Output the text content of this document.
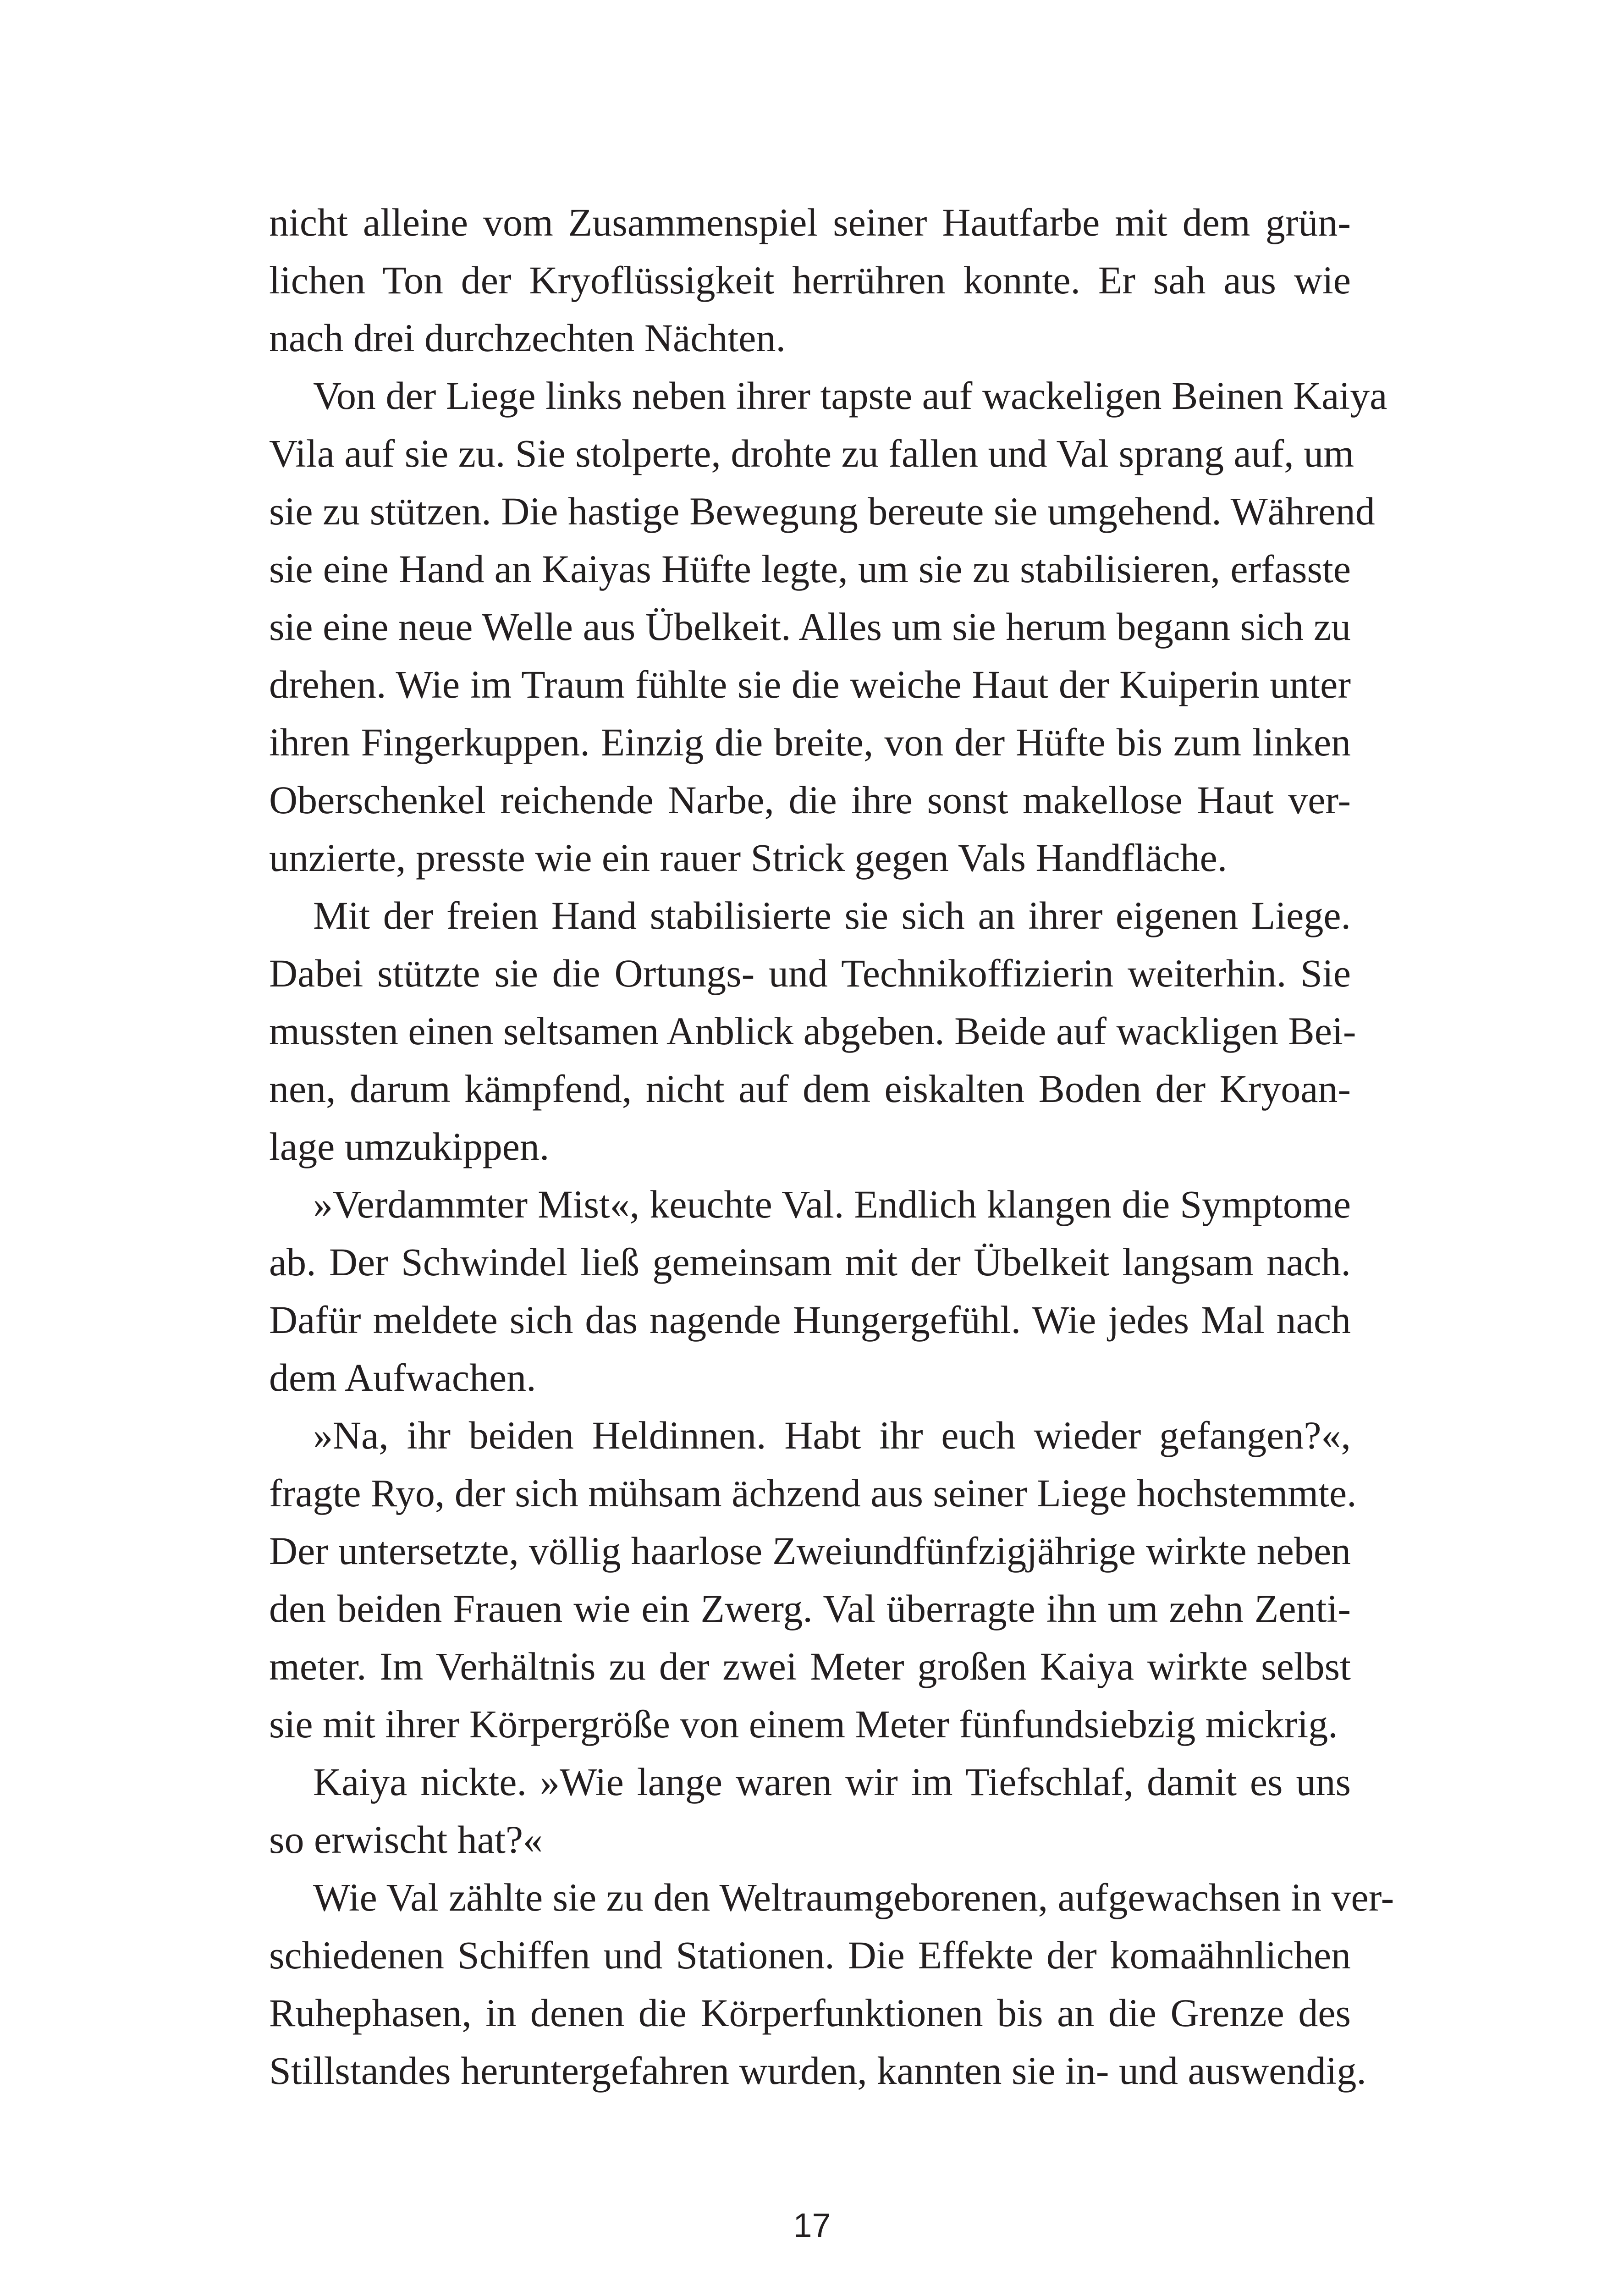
nicht alleine vom Zusammenspiel seiner Hautfarbe mit dem grün-
lichen Ton der Kryoflüssigkeit herrühren konnte. Er sah aus wie
nach drei durchzechten Nächten.
Von der Liege links neben ihrer tapste auf wackeligen Beinen Kaiya
Vila auf sie zu. Sie stolperte, drohte zu fallen und Val sprang auf, um
sie zu stützen. Die hastige Bewegung bereute sie umgehend. Während
sie eine Hand an Kaiyas Hüfte legte, um sie zu stabilisieren, erfasste
sie eine neue Welle aus Übelkeit. Alles um sie herum begann sich zu
drehen. Wie im Traum fühlte sie die weiche Haut der Kuiperin unter
ihren Fingerkuppen. Einzig die breite, von der Hüfte bis zum linken
Oberschenkel reichende Narbe, die ihre sonst makellose Haut ver-
unzierte, presste wie ein rauer Strick gegen Vals Handfläche.
Mit der freien Hand stabilisierte sie sich an ihrer eigenen Liege.
Dabei stützte sie die Ortungs- und Technikoffizierin weiterhin. Sie
mussten einen seltsamen Anblick abgeben. Beide auf wackligen Bei-
nen, darum kämpfend, nicht auf dem eiskalten Boden der Kryoan-
lage umzukippen.
»Verdammter Mist«, keuchte Val. Endlich klangen die Symptome
ab. Der Schwindel ließ gemeinsam mit der Übelkeit langsam nach.
Dafür meldete sich das nagende Hungergefühl. Wie jedes Mal nach
dem Aufwachen.
»Na, ihr beiden Heldinnen. Habt ihr euch wieder gefangen?«,
fragte Ryo, der sich mühsam ächzend aus seiner Liege hochstemmte.
Der untersetzte, völlig haarlose Zweiundfünfzigjährige wirkte neben
den beiden Frauen wie ein Zwerg. Val überragte ihn um zehn Zenti-
meter. Im Verhältnis zu der zwei Meter großen Kaiya wirkte selbst
sie mit ihrer Körpergröße von einem Meter fünfundsiebzig mickrig.
Kaiya nickte. »Wie lange waren wir im Tiefschlaf, damit es uns
so erwischt hat?«
Wie Val zählte sie zu den Weltraumgeborenen, aufgewachsen in ver-
schiedenen Schiffen und Stationen. Die Effekte der komaähnlichen
Ruhephasen, in denen die Körperfunktionen bis an die Grenze des
Stillstandes heruntergefahren wurden, kannten sie in- und auswendig.
17
